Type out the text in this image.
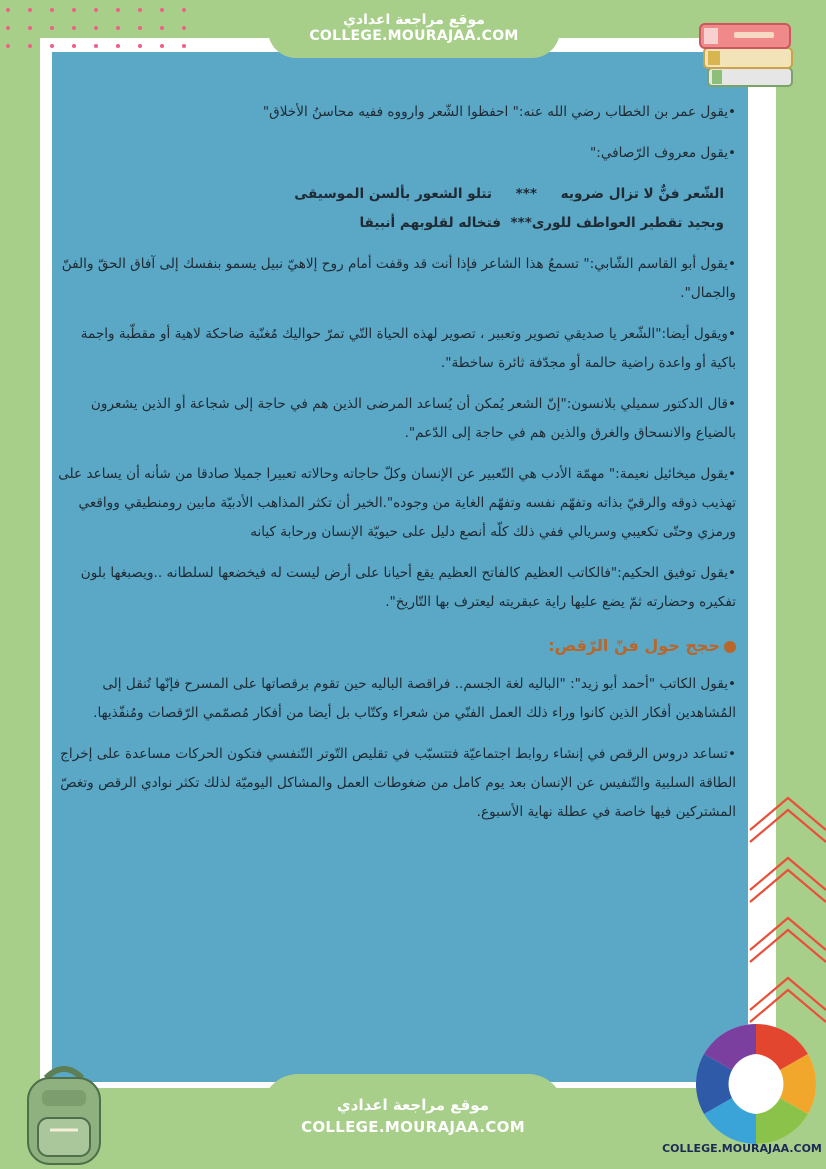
موقع مراجعة اعدادي
COLLEGE.MOURAJAA.COM

•يقول عمر بن الخطاب رضي الله عنه:" احفظوا الشّعر وارووه ففيه محاسنُ الأخلاق"

•يقول معروف الرّصافي:"

الشّعر فنٌّ لا تزال ضرويه     ***     تتلو الشعور بألسن الموسيقى
وبجيد تقطير العواطف للورى***  فتخاله لقلوبهم أنبيقا

•يقول أبو القاسم الشّابي:" تسمعُ هذا الشاعر فإذا أنت قد وقفت أمام روح إلاهيّ نبيل يسمو بنفسك إلى آفاق الحقّ والفنّ والجمال".

•ويقول أيضا:"الشّعر يا صديقي تصوير وتعبير ، تصوير لهذه الحياة التّي تمرّ حواليك مُغنّية ضاحكة لاهية أو مقطّبة واجمة باكية أو واعدة راضية حالمة أو مجدّفة ثائرة ساخطة".

•قال الدكتور سميلي بلانسون:"إنّ الشعر يُمكن أن يُساعد المرضى الذين هم في حاجة إلى شجاعة أو الذين يشعرون بالضياع والانسحاق والغرق والذين هم في حاجة إلى الدّعم".

•يقول ميخائيل نعيمة:" مهمّة الأدب هي التّعبير عن الإنسان وكلّ حاجاته وحالاته تعبيرا جميلا صادقا من شأنه أن يساعد على تهذيب ذوقه والرقيّ بذاته وتفهّم نفسه وتفهّم الغاية من وجوده".الخير أن تكثر المذاهب الأدبيّة مابين رومنطيقي وواقعي ورمزي وحتّى تكعيبي وسريالي ففي ذلك كلّه أنصع دليل على حيويّة الإنسان ورحابة كيانه

•يقول توفيق الحكيم:"فالكاتب العظيم كالفاتح العظيم يقع أحيانا على أرض ليست له فيخضعها لسلطانه ..ويصبغها بلون تفكيره وحضارته ثمّ يضع عليها راية عبقريته ليعترف بها التّاريخ".

حجج حول فنّ الرّقص:

•يقول الكاتب "أحمد أبو زيد": "الباليه لغة الجسم.. فراقصة الباليه حين تقوم برقصاتها على المسرح فإنّها تُنقل إلى المُشاهدين أفكار الذين كانوا وراء ذلك العمل الفنّي من شعراء وكتّاب بل أيضا من أفكار مُصمّمي الرّقصات ومُنفّذيها.

•تساعد دروس الرقص في إنشاء روابط اجتماعيّة فتتسبّب في تقليص التّوتر التّنفسي فتكون الحركات مساعدة على إخراج الطاقة السلبية والتّنفيس عن الإنسان بعد يوم كامل من ضغوطات العمل والمشاكل اليوميّة لذلك تكثر نوادي الرقص وتغصّ المشتركين فيها خاصة في عطلة نهاية الأسبوع.

موقع مراجعة اعدادي
COLLEGE.MOURAJAA.COM
COLLEGE.MOURAJAA.COM
